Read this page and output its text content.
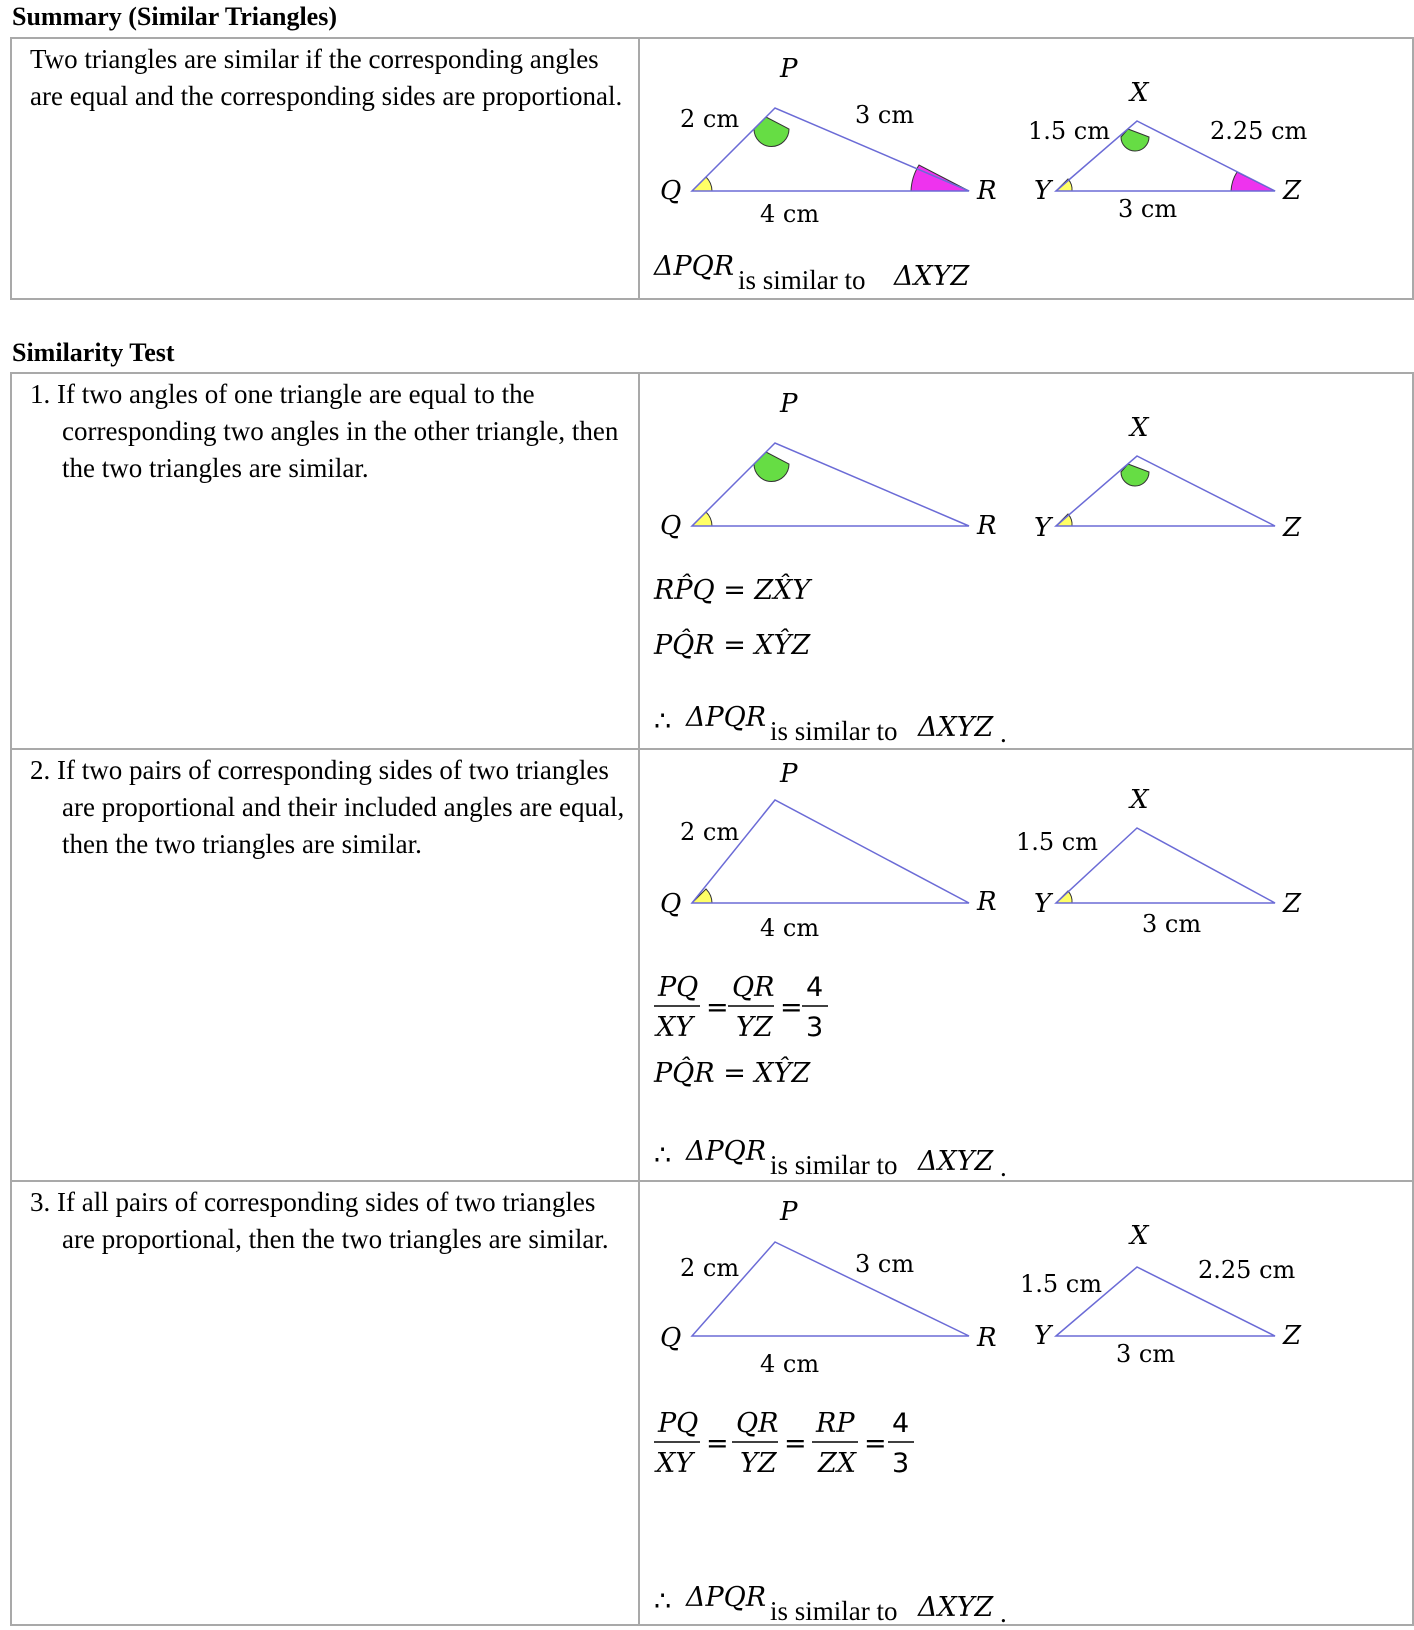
Summary (Similar Triangles)
Two triangles are similar if the corresponding angles are equal and the corresponding sides are proportional.
P
Q	R
X
Y	Z
2 cm	3 cm
4 cm
1.5 cm	2.25 cm
3 cm
ΔPQR is similar to ΔXYZ
Similarity Test
1. If two angles of one triangle are equal to the corresponding two angles in the other triangle, then the two triangles are similar.
P
Q	R
X
Y	Z
RP̂Q = ZX̂Y
PQ̂R = XŶZ
∴ ΔPQR is similar to ΔXYZ .
2. If two pairs of corresponding sides of two triangles are proportional and their included angles are equal, then the two triangles are similar.
P
Q	R
X
Y	Z
2 cm
4 cm
1.5 cm
3 cm
PQ
XY
=
QR
YZ
=
4
3
PQ̂R = XŶZ
∴ ΔPQR is similar to ΔXYZ .
3. If all pairs of corresponding sides of two triangles are proportional, then the two triangles are similar.
P
Q	R
X
Y	Z
2 cm	3 cm
4 cm
1.5 cm	2.25 cm
3 cm
PQ
XY
=
QR
YZ
=
RP
ZX
=
4
3
∴ ΔPQR is similar to ΔXYZ .
